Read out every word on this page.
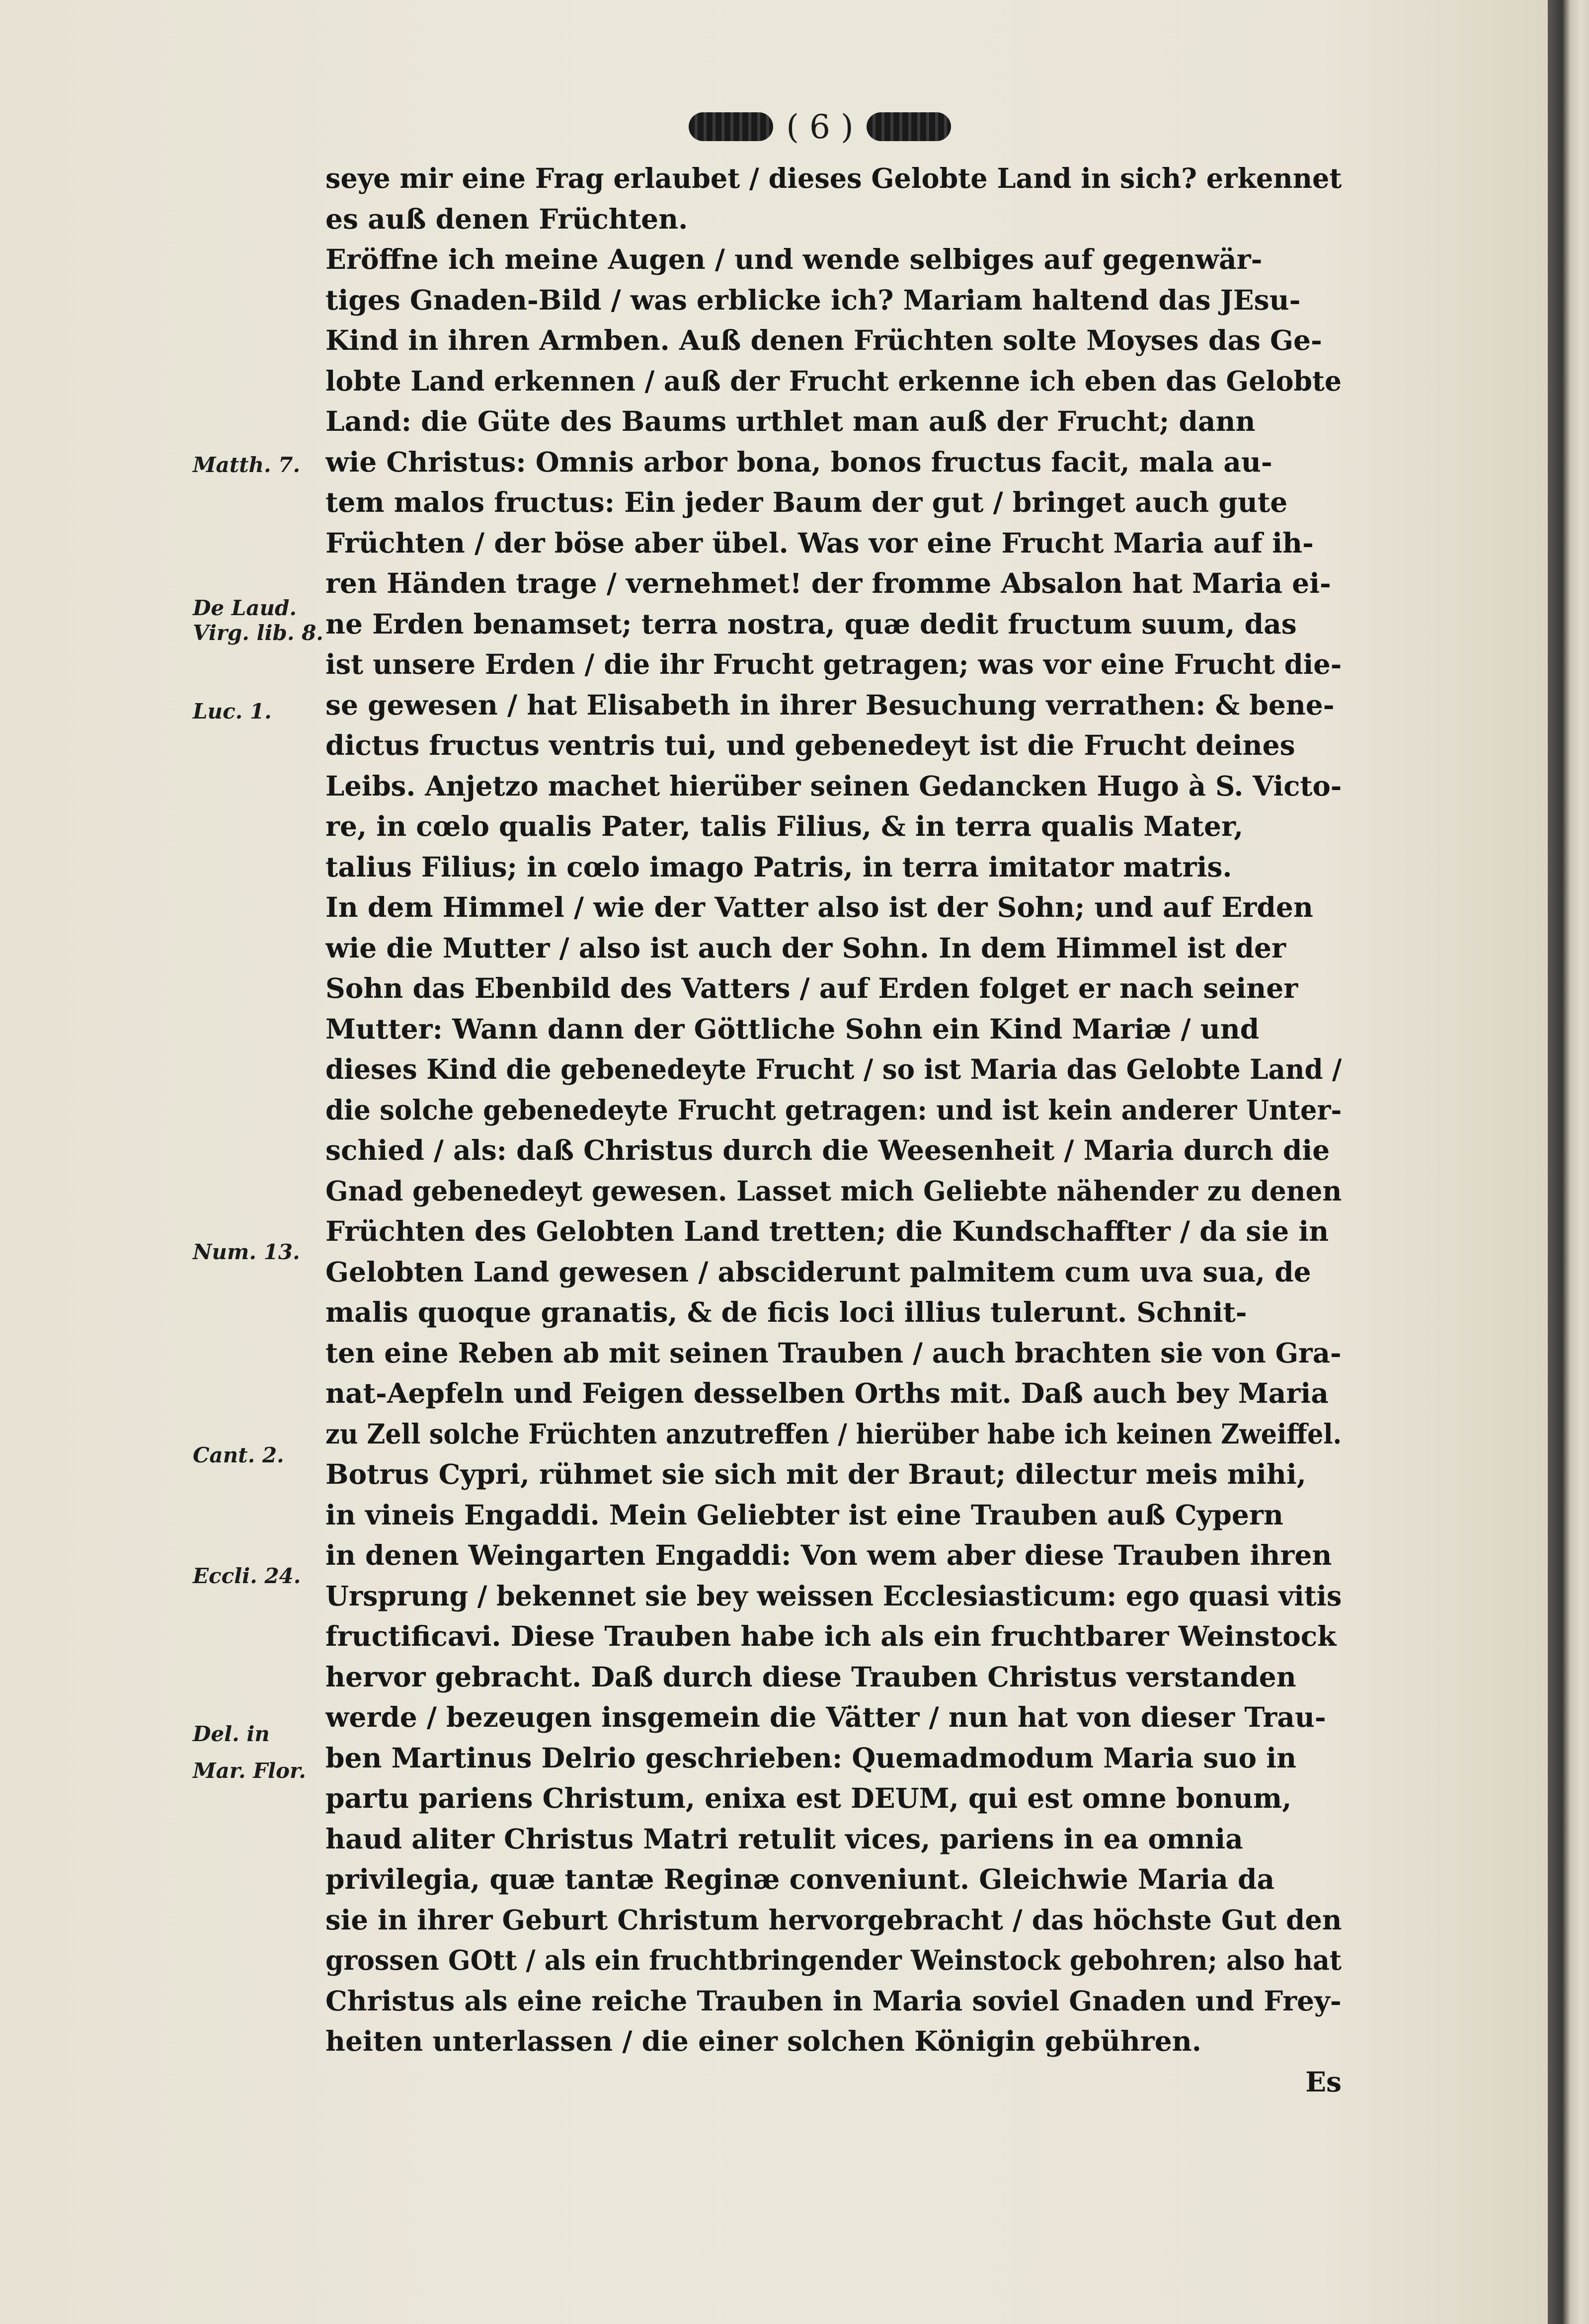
( 6 )
seye mir eine Frag erlaubet / dieses Gelobte Land in sich? erkennet
es auß denen Früchten.
Eröffne ich meine Augen / und wende selbiges auf gegenwär-
tiges Gnaden-Bild / was erblicke ich? Mariam haltend das JEsu-
Kind in ihren Armben. Auß denen Früchten solte Moyses das Ge-
lobte Land erkennen / auß der Frucht erkenne ich eben das Gelobte
Land: die Güte des Baums urthlet man auß der Frucht; dann
wie Christus: Omnis arbor bona, bonos fructus facit, mala au-
tem malos fructus: Ein jeder Baum der gut / bringet auch gute
Früchten / der böse aber übel. Was vor eine Frucht Maria auf ih-
ren Händen trage / vernehmet! der fromme Absalon hat Maria ei-
ne Erden benamset; terra nostra, quæ dedit fructum suum, das
ist unsere Erden / die ihr Frucht getragen; was vor eine Frucht die-
se gewesen / hat Elisabeth in ihrer Besuchung verrathen: & bene-
dictus fructus ventris tui, und gebenedeyt ist die Frucht deines
Leibs. Anjetzo machet hierüber seinen Gedancken Hugo à S. Victo-
re, in cœlo qualis Pater, talis Filius, & in terra qualis Mater,
talius Filius; in cœlo imago Patris, in terra imitator matris.
In dem Himmel / wie der Vatter also ist der Sohn; und auf Erden
wie die Mutter / also ist auch der Sohn. In dem Himmel ist der
Sohn das Ebenbild des Vatters / auf Erden folget er nach seiner
Mutter: Wann dann der Göttliche Sohn ein Kind Mariæ / und
dieses Kind die gebenedeyte Frucht / so ist Maria das Gelobte Land /
die solche gebenedeyte Frucht getragen: und ist kein anderer Unter-
schied / als: daß Christus durch die Weesenheit / Maria durch die
Gnad gebenedeyt gewesen. Lasset mich Geliebte nähender zu denen
Früchten des Gelobten Land tretten; die Kundschaffter / da sie in
Gelobten Land gewesen / absciderunt palmitem cum uva sua, de
malis quoque granatis, & de ficis loci illius tulerunt. Schnit-
ten eine Reben ab mit seinen Trauben / auch brachten sie von Gra-
nat-Aepfeln und Feigen desselben Orths mit. Daß auch bey Maria
zu Zell solche Früchten anzutreffen / hierüber habe ich keinen Zweiffel.
Botrus Cypri, rühmet sie sich mit der Braut; dilectur meis mihi,
in vineis Engaddi. Mein Geliebter ist eine Trauben auß Cypern
in denen Weingarten Engaddi: Von wem aber diese Trauben ihren
Ursprung / bekennet sie bey weissen Ecclesiasticum: ego quasi vitis
fructificavi. Diese Trauben habe ich als ein fruchtbarer Weinstock
hervor gebracht. Daß durch diese Trauben Christus verstanden
werde / bezeugen insgemein die Vätter / nun hat von dieser Trau-
ben Martinus Delrio geschrieben: Quemadmodum Maria suo in
partu pariens Christum, enixa est DEUM, qui est omne bonum,
haud aliter Christus Matri retulit vices, pariens in ea omnia
privilegia, quæ tantæ Reginæ conveniunt. Gleichwie Maria da
sie in ihrer Geburt Christum hervorgebracht / das höchste Gut den
grossen GOtt / als ein fruchtbringender Weinstock gebohren; also hat
Christus als eine reiche Trauben in Maria soviel Gnaden und Frey-
heiten unterlassen / die einer solchen Königin gebühren.
Es
Matth. 7.
De Laud.
Virg. lib. 8.
Luc. 1.
Num. 13.
Cant. 2.
Eccli. 24.
Del. in
Mar. Flor.
